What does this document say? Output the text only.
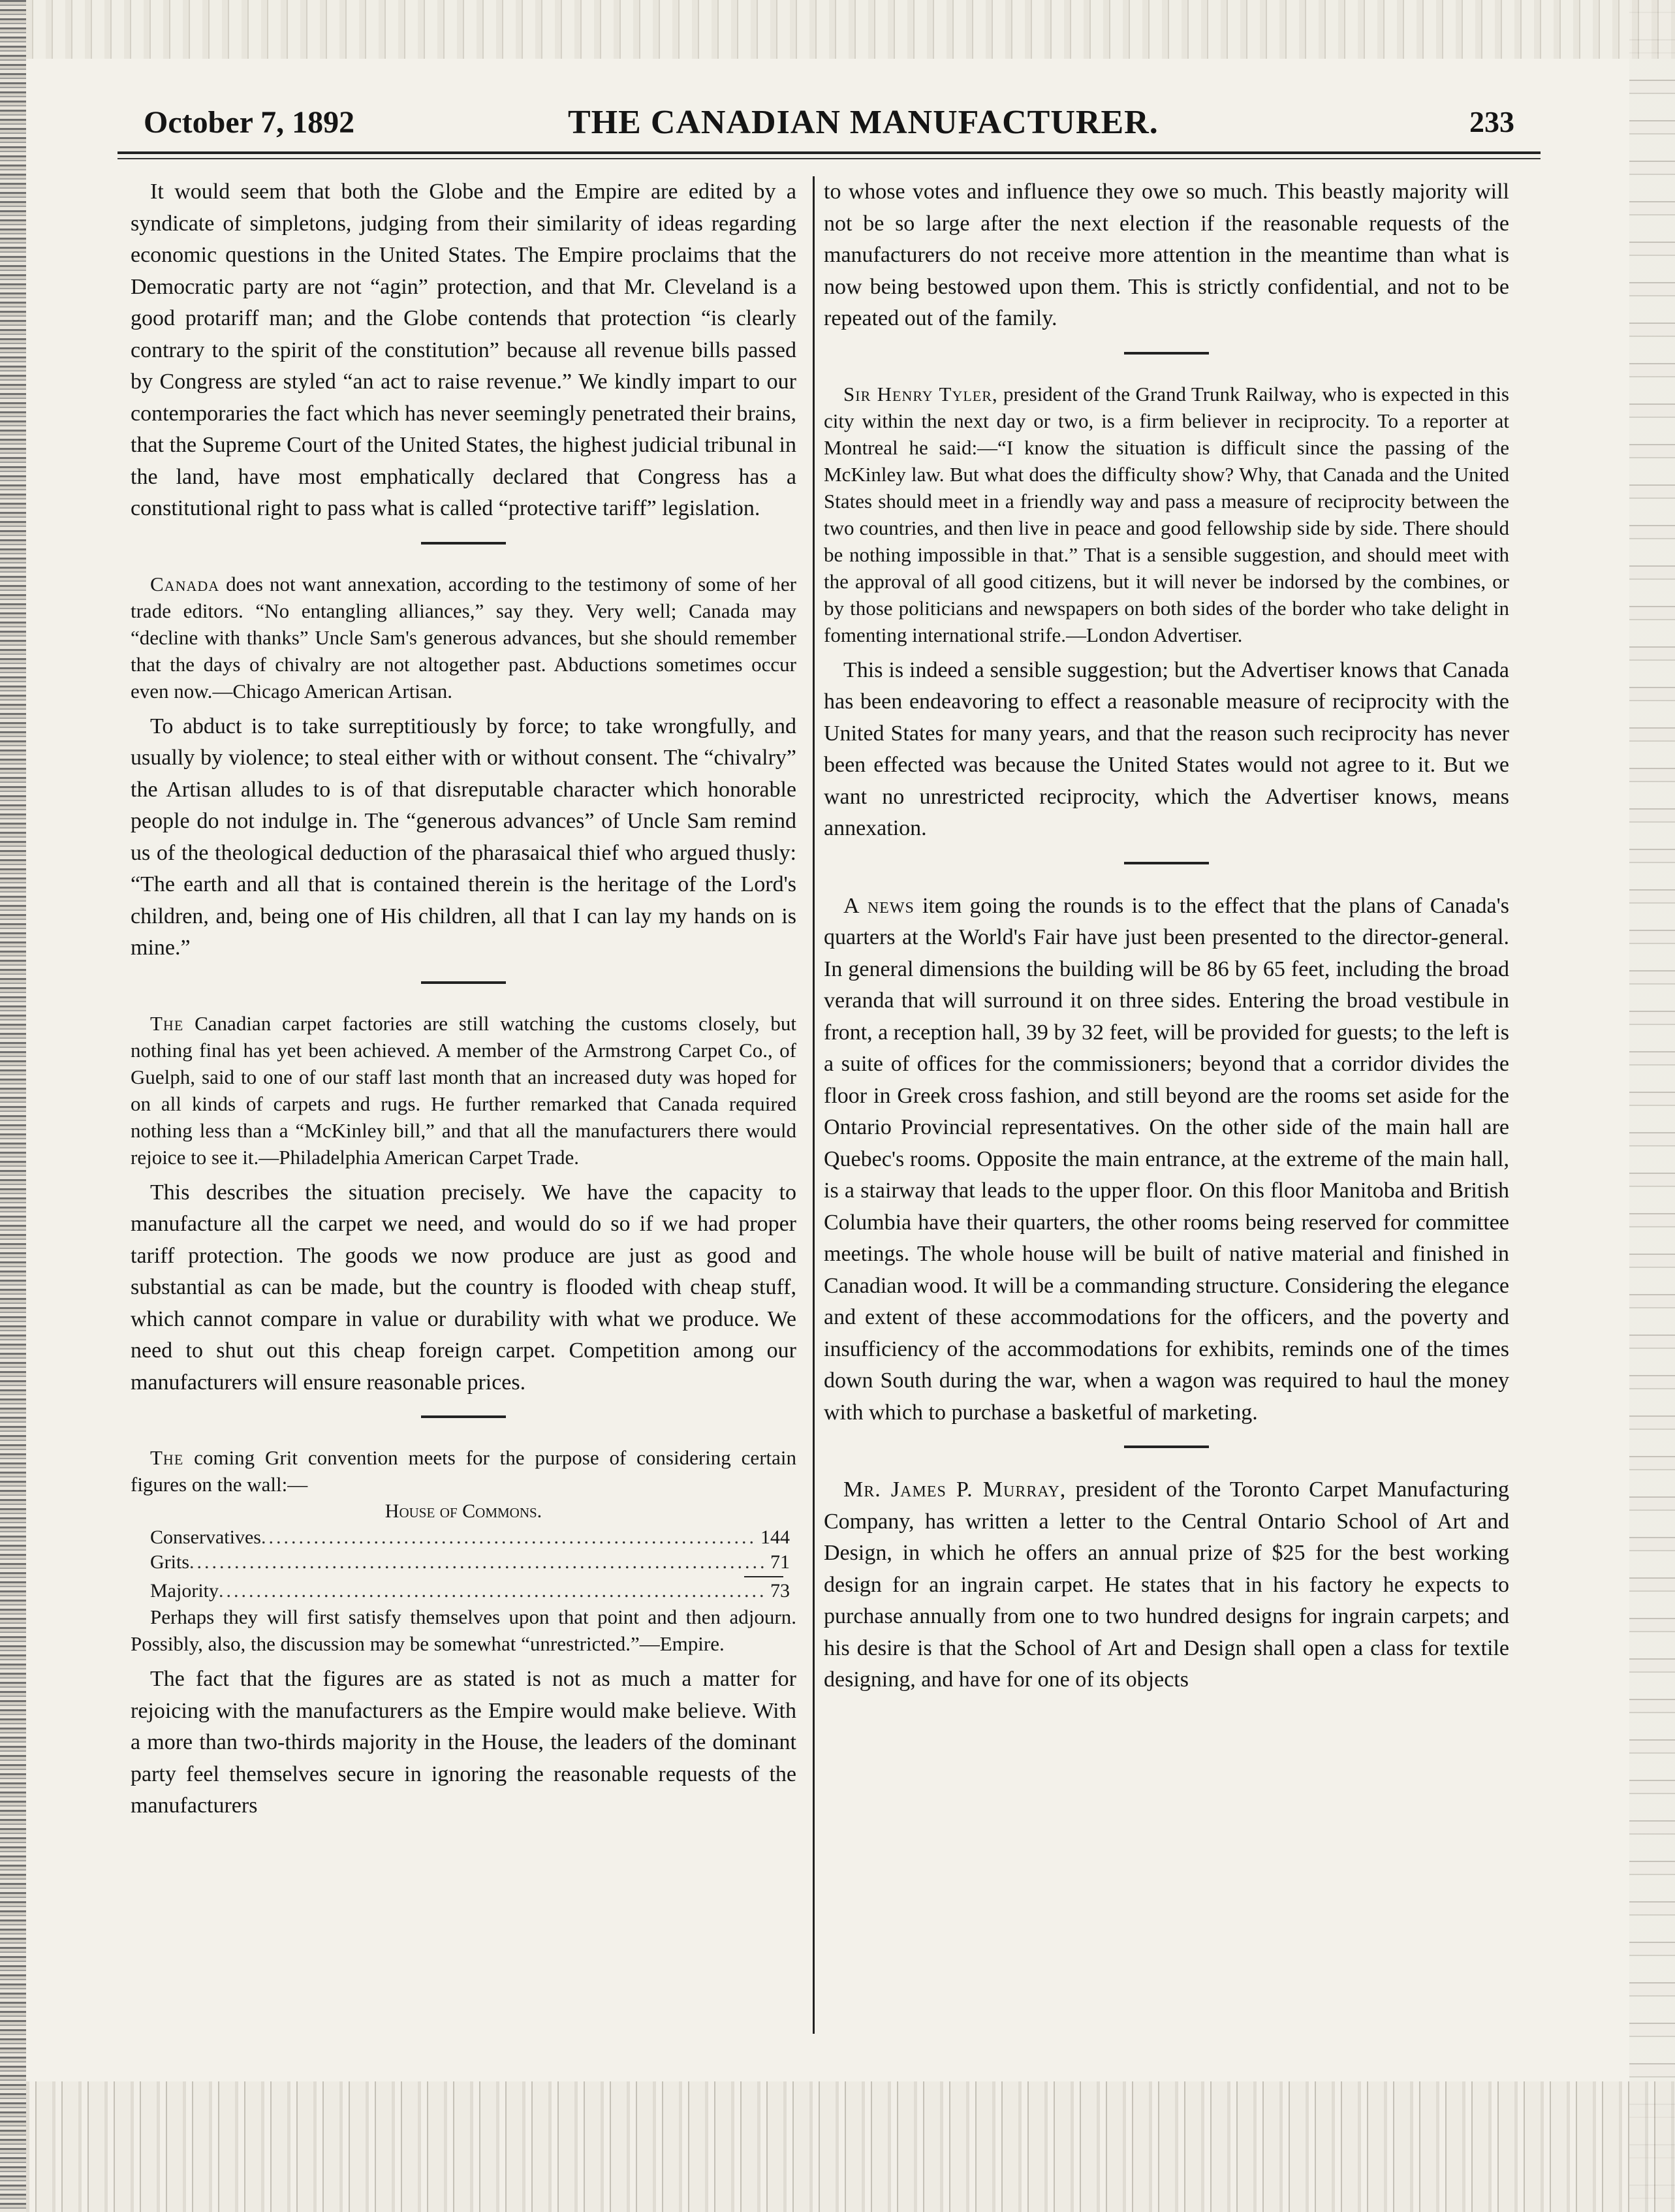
October 7, 1892	THE CANADIAN MANUFACTURER.	233

It would seem that both the Globe and the Empire are edited by a syndicate of simpletons, judging from their similarity of ideas regarding economic questions in the United States. The Empire proclaims that the Democratic party are not “agin” protection, and that Mr. Cleveland is a good protariff man; and the Globe contends that protection “is clearly contrary to the spirit of the constitution” because all revenue bills passed by Congress are styled “an act to raise revenue.” We kindly impart to our contemporaries the fact which has never seemingly penetrated their brains, that the Supreme Court of the United States, the highest judicial tribunal in the land, have most emphatically declared that Congress has a constitutional right to pass what is called “protective tariff” legislation.

Canada does not want annexation, according to the testimony of some of her trade editors. “No entangling alliances,” say they. Very well; Canada may “decline with thanks” Uncle Sam's generous advances, but she should remember that the days of chivalry are not altogether past. Abductions sometimes occur even now.—Chicago American Artisan.

To abduct is to take surreptitiously by force; to take wrongfully, and usually by violence; to steal either with or without consent. The “chivalry” the Artisan alludes to is of that disreputable character which honorable people do not indulge in. The “generous advances” of Uncle Sam remind us of the theological deduction of the pharasaical thief who argued thusly: “The earth and all that is contained therein is the heritage of the Lord's children, and, being one of His children, all that I can lay my hands on is mine.”

The Canadian carpet factories are still watching the customs closely, but nothing final has yet been achieved. A member of the Armstrong Carpet Co., of Guelph, said to one of our staff last month that an increased duty was hoped for on all kinds of carpets and rugs. He further remarked that Canada required nothing less than a “McKinley bill,” and that all the manufacturers there would rejoice to see it.—Philadelphia American Carpet Trade.

This describes the situation precisely. We have the capacity to manufacture all the carpet we need, and would do so if we had proper tariff protection. The goods we now produce are just as good and substantial as can be made, but the country is flooded with cheap stuff, which cannot compare in value or durability with what we produce. We need to shut out this cheap foreign carpet. Competition among our manufacturers will ensure reasonable prices.

The coming Grit convention meets for the purpose of considering certain figures on the wall:—

House of Commons.
Conservatives .....	144
Grits .....	71
Majority .....	73

Perhaps they will first satisfy themselves upon that point and then adjourn. Possibly, also, the discussion may be somewhat “unrestricted.”—Empire.

The fact that the figures are as stated is not as much a matter for rejoicing with the manufacturers as the Empire would make believe. With a more than two-thirds majority in the House, the leaders of the dominant party feel themselves secure in ignoring the reasonable requests of the manufacturers

to whose votes and influence they owe so much. This beastly majority will not be so large after the next election if the reasonable requests of the manufacturers do not receive more attention in the meantime than what is now being bestowed upon them. This is strictly confidential, and not to be repeated out of the family.

Sir Henry Tyler, president of the Grand Trunk Railway, who is expected in this city within the next day or two, is a firm believer in reciprocity. To a reporter at Montreal he said:—“I know the situation is difficult since the passing of the McKinley law. But what does the difficulty show? Why, that Canada and the United States should meet in a friendly way and pass a measure of reciprocity between the two countries, and then live in peace and good fellowship side by side. There should be nothing impossible in that.” That is a sensible suggestion, and should meet with the approval of all good citizens, but it will never be indorsed by the combines, or by those politicians and newspapers on both sides of the border who take delight in fomenting international strife.—London Advertiser.

This is indeed a sensible suggestion; but the Advertiser knows that Canada has been endeavoring to effect a reasonable measure of reciprocity with the United States for many years, and that the reason such reciprocity has never been effected was because the United States would not agree to it. But we want no unrestricted reciprocity, which the Advertiser knows, means annexation.

A news item going the rounds is to the effect that the plans of Canada's quarters at the World's Fair have just been presented to the director-general. In general dimensions the building will be 86 by 65 feet, including the broad veranda that will surround it on three sides. Entering the broad vestibule in front, a reception hall, 39 by 32 feet, will be provided for guests; to the left is a suite of offices for the commissioners; beyond that a corridor divides the floor in Greek cross fashion, and still beyond are the rooms set aside for the Ontario Provincial representatives. On the other side of the main hall are Quebec's rooms. Opposite the main entrance, at the extreme of the main hall, is a stairway that leads to the upper floor. On this floor Manitoba and British Columbia have their quarters, the other rooms being reserved for committee meetings. The whole house will be built of native material and finished in Canadian wood. It will be a commanding structure. Considering the elegance and extent of these accommodations for the officers, and the poverty and insufficiency of the accommodations for exhibits, reminds one of the times down South during the war, when a wagon was required to haul the money with which to purchase a basketful of marketing.

Mr. James P. Murray, president of the Toronto Carpet Manufacturing Company, has written a letter to the Central Ontario School of Art and Design, in which he offers an annual prize of $25 for the best working design for an ingrain carpet. He states that in his factory he expects to purchase annually from one to two hundred designs for ingrain carpets; and his desire is that the School of Art and Design shall open a class for textile designing, and have for one of its objects
